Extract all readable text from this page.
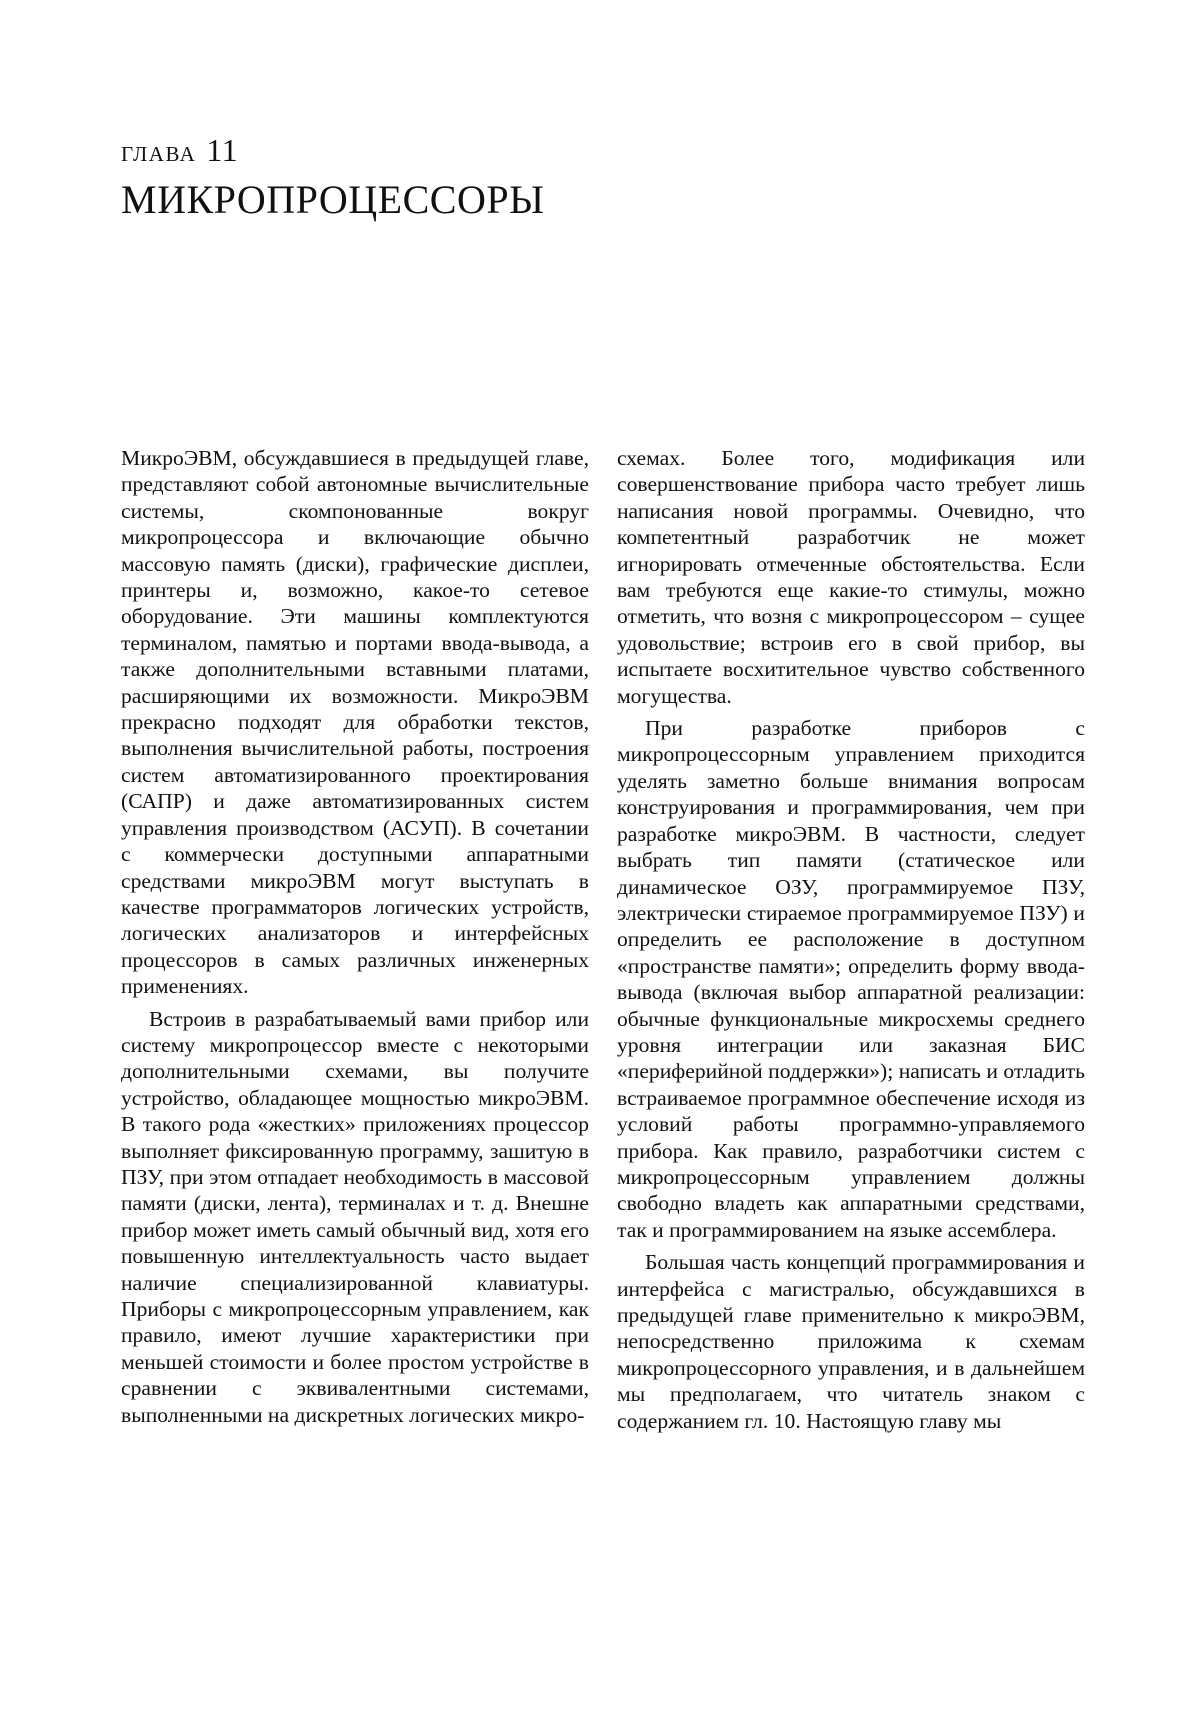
ГЛАВА 11
МИКРОПРОЦЕССОРЫ

МикроЭВМ, обсуждавшиеся в предыдущей главе, представляют собой автономные вычислительные системы, скомпонованные вокруг микропроцессора и включающие обычно массовую память (диски), графические дисплеи, принтеры и, возможно, какое-то сетевое оборудование. Эти машины комплектуются терминалом, памятью и портами ввода-вывода, а также дополнительными вставными платами, расширяющими их возможности. МикроЭВМ прекрасно подходят для обработки текстов, выполнения вычислительной работы, построения систем автоматизированного проектирования (САПР) и даже автоматизированных систем управления производством (АСУП). В сочетании с коммерчески доступными аппаратными средствами микроЭВМ могут выступать в качестве программаторов логических устройств, логических анализаторов и интерфейсных процессоров в самых различных инженерных применениях.

Встроив в разрабатываемый вами прибор или систему микропроцессор вместе с некоторыми дополнительными схемами, вы получите устройство, обладающее мощностью микроЭВМ. В такого рода «жестких» приложениях процессор выполняет фиксированную программу, зашитую в ПЗУ, при этом отпадает необходимость в массовой памяти (диски, лента), терминалах и т. д. Внешне прибор может иметь самый обычный вид, хотя его повышенную интеллектуальность часто выдает наличие специализированной клавиатуры. Приборы с микропроцессорным управлением, как правило, имеют лучшие характеристики при меньшей стоимости и более простом устройстве в сравнении с эквивалентными системами, выполненными на дискретных логических микро-

схемах. Более того, модификация или совершенствование прибора часто требует лишь написания новой программы. Очевидно, что компетентный разработчик не может игнорировать отмеченные обстоятельства. Если вам требуются еще какие-то стимулы, можно отметить, что возня с микропроцессором – сущее удовольствие; встроив его в свой прибор, вы испытаете восхитительное чувство собственного могущества.

При разработке приборов с микропроцессорным управлением приходится уделять заметно больше внимания вопросам конструирования и программирования, чем при разработке микроЭВМ. В частности, следует выбрать тип памяти (статическое или динамическое ОЗУ, программируемое ПЗУ, электрически стираемое программируемое ПЗУ) и определить ее расположение в доступном «пространстве памяти»; определить форму ввода-вывода (включая выбор аппаратной реализации: обычные функциональные микросхемы среднего уровня интеграции или заказная БИС «периферийной поддержки»); написать и отладить встраиваемое программное обеспечение исходя из условий работы программно-управляемого прибора. Как правило, разработчики систем с микропроцессорным управлением должны свободно владеть как аппаратными средствами, так и программированием на языке ассемблера.

Большая часть концепций программирования и интерфейса с магистралью, обсуждавшихся в предыдущей главе применительно к микроЭВМ, непосредственно приложима к схемам микропроцессорного управления, и в дальнейшем мы предполагаем, что читатель знаком с содержанием гл. 10. Настоящую главу мы
